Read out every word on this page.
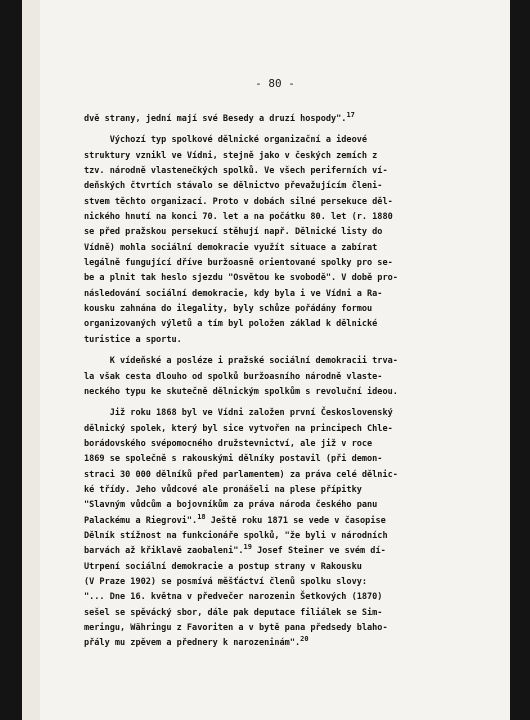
- 80 -
dvě strany, jední mají své Besedy a druzí hospody".$^{17}$
Výchozí typ spolkové dělnické organizační a ideové
struktury vznikl ve Vídni, stejně jako v českých zemích z
tzv. národně vlastenec̆kých spolků. Ve všech periferních ví-
deňských čtvrtích stávalo se dělnictvo převažujícím členi-
stvem těchto organizací. Proto v dobách silné persekuce děl-
nického hnutí na konci 70. let a na počátku 80. let (r. 1880
se před pražskou persekucí stěhují např. Dělnické listy do
Vídně) mohla sociální demokracie využít situace a zabírat
legálně fungující dříve buržoasně orientované spolky pro se-
be a plnit tak heslo sjezdu "Osvětou ke svobodě". V době pro-
následování sociální demokracie, kdy byla i ve Vídni a Ra-
kousku zahnána do ilegality, byly schůze pořádány formou
organizovaných výletů a tím byl položen základ k dělnické
turistice a sportu.
K vídeňské a posléze i pražské sociální demokracii trva-
la však cesta dlouho od spolků buržoasního národně vlaste-
neckého typu ke skutečně dělnickým spolkům s revoluční ideou.
Již roku 1868 byl ve Vídni založen první Československý
dělnický spolek, který byl sice vytvořen na principech Chle-
borádovského svépomocného družstevnictví, ale již v roce
1869 se společně s rakouskými dělníky postavil (při demon-
straci 30 000 dělníků před parlamentem) za práva celé dělnic-
ké třídy. Jeho vůdcové ale pronášeli na plese přípitky
"Slavným vůdcům a bojovníkům za práva národa českého panu
Palackému a Riegrovi".$^{18}$ Ještě roku 1871 se vede v časopise
Dělník stížnost na funkcionáře spolků, "že byli v národních
barvách až křiklavě zaobaleni".$^{19}$ Josef Steiner ve svém dí-
Utrpení sociální demokracie a postup strany v Rakousku
(V Praze 1902) se posmívá měšťáctví členů spolku slovy:
"... Dne 16. května v předvečer narozenin Šetkových (1870)
sešel se spěvácký sbor, dále pak deputace filiálek se Sim-
meringu, Währingu z Favoriten a v bytě pana předsedy blaho-
přály mu zpěvem a přednery k narozeninám".$^{20}$
